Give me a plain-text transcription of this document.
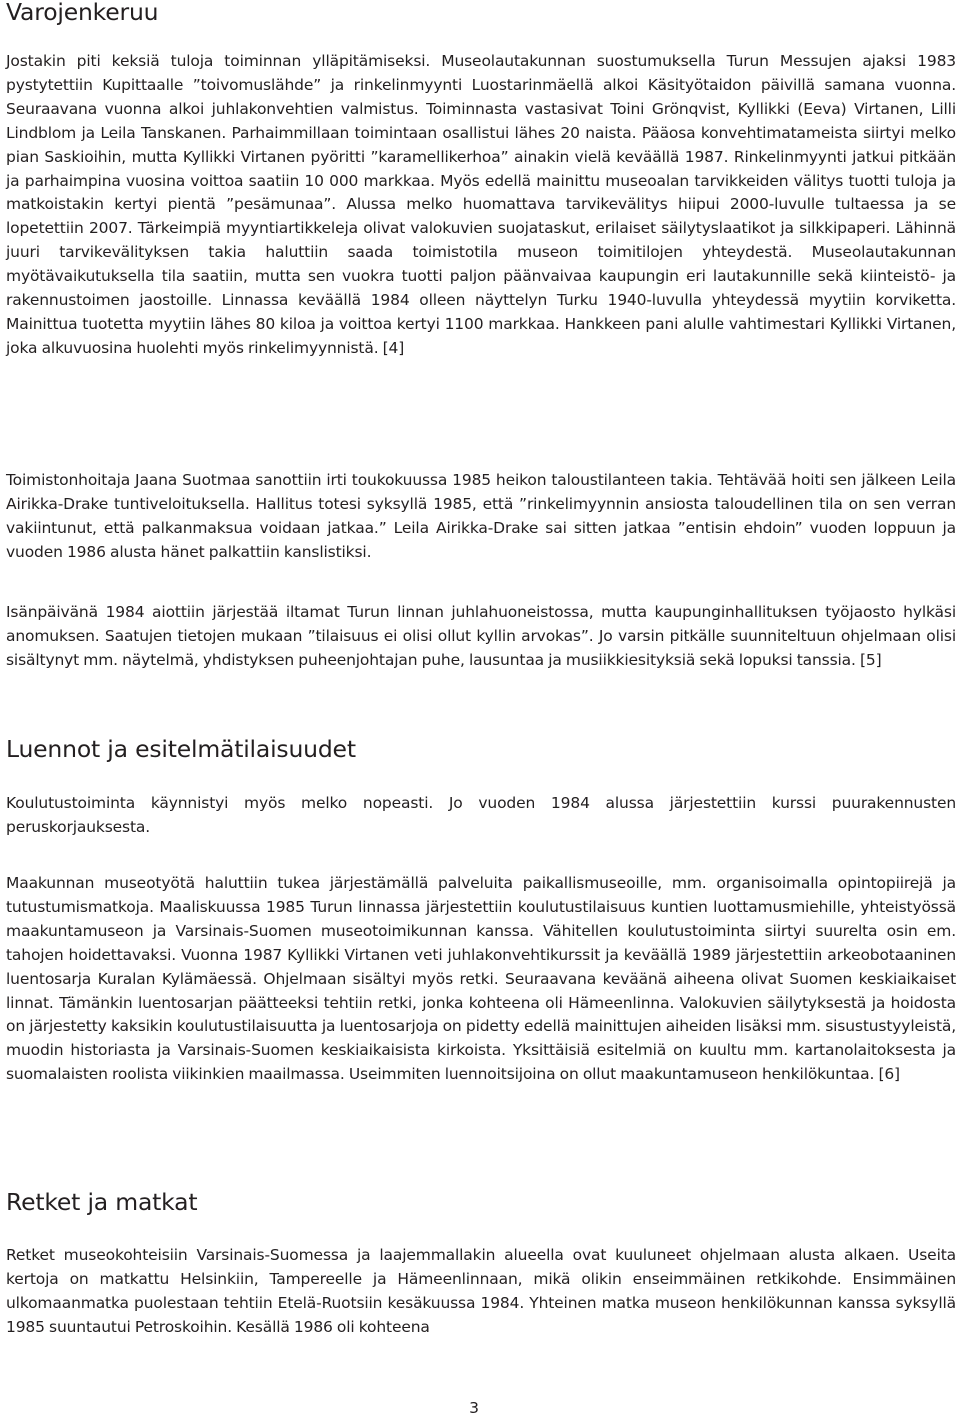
Varojenkeruu

Jostakin piti keksiä tuloja toiminnan ylläpitämiseksi. Museolautakunnan suostumuksella Turun Messujen ajaksi 1983 pystytettiin Kupittaalle ”toivomuslähde” ja rinkelinmyynti Luostarinmäellä alkoi Käsityötaidon päivillä samana vuonna. Seuraavana vuonna alkoi juhlakonvehtien valmistus. Toiminnasta vastasivat Toini Grönqvist, Kyllikki (Eeva) Virtanen, Lilli Lindblom ja Leila Tanskanen. Parhaimmillaan toimintaan osallistui lähes 20 naista. Pääosa konvehtimatameista siirtyi melko pian Saskioihin, mutta Kyllikki Virtanen pyöritti ”karamellikerhoa” ainakin vielä keväällä 1987. Rinkelinmyynti jatkui pitkään ja parhaimpina vuosina voittoa saatiin 10 000 markkaa. Myös edellä mainittu museoalan tarvikkeiden välitys tuotti tuloja ja matkoistakin kertyi pientä ”pesämunaa”. Alussa melko huomattava tarvikevälitys hiipui 2000-luvulle tultaessa ja se lopetettiin 2007. Tärkeimpiä myyntiartikkeleja olivat valokuvien suojataskut, erilaiset säilytyslaatikot ja silkkipaperi. Lähinnä juuri tarvikevälityksen takia haluttiin saada toimistotila museon toimitilojen yhteydestä. Museolautakunnan myötävaikutuksella tila saatiin, mutta sen vuokra tuotti paljon päänvaivaa kaupungin eri lautakunnille sekä kiinteistö- ja rakennustoimen jaostoille. Linnassa keväällä 1984 olleen näyttelyn Turku 1940-luvulla yhteydessä myytiin korviketta. Mainittua tuotetta myytiin lähes 80 kiloa ja voittoa kertyi 1100 markkaa. Hankkeen pani alulle vahtimestari Kyllikki Virtanen, joka alkuvuosina huolehti myös rinkelimyynnistä. [4]

Toimistonhoitaja Jaana Suotmaa sanottiin irti toukokuussa 1985 heikon taloustilanteen takia. Tehtävää hoiti sen jälkeen Leila Airikka-Drake tuntiveloituksella. Hallitus totesi syksyllä 1985, että ”rinkelimyynnin ansiosta taloudellinen tila on sen verran vakiintunut, että palkanmaksua voidaan jatkaa.” Leila Airikka-Drake sai sitten jatkaa ”entisin ehdoin” vuoden loppuun ja vuoden 1986 alusta hänet palkattiin kanslistiksi.

Isänpäivänä 1984 aiottiin järjestää iltamat Turun linnan juhlahuoneistossa, mutta kaupunginhallituksen työjaosto hylkäsi anomuksen. Saatujen tietojen mukaan ”tilaisuus ei olisi ollut kyllin arvokas”. Jo varsin pitkälle suunniteltuun ohjelmaan olisi sisältynyt mm. näytelmä, yhdistyksen puheenjohtajan puhe, lausuntaa ja musiikkiesityksiä sekä lopuksi tanssia. [5]

Luennot ja esitelmätilaisuudet

Koulutustoiminta käynnistyi myös melko nopeasti. Jo vuoden 1984 alussa järjestettiin kurssi puurakennusten peruskorjauksesta.

Maakunnan museotyötä haluttiin tukea järjestämällä palveluita paikallismuseoille, mm. organisoimalla opintopiirejä ja tutustumismatkoja. Maaliskuussa 1985 Turun linnassa järjestettiin koulutustilaisuus kuntien luottamusmiehille, yhteistyössä maakuntamuseon ja Varsinais-Suomen museotoimikunnan kanssa. Vähitellen koulutustoiminta siirtyi suurelta osin em. tahojen hoidettavaksi. Vuonna 1987 Kyllikki Virtanen veti juhlakonvehtikurssit ja keväällä 1989 järjestettiin arkeobotaaninen luentosarja Kuralan Kylämäessä. Ohjelmaan sisältyi myös retki. Seuraavana keväänä aiheena olivat Suomen keskiaikaiset linnat. Tämänkin luentosarjan päätteeksi tehtiin retki, jonka kohteena oli Hämeenlinna. Valokuvien säilytyksestä ja hoidosta on järjestetty kaksikin koulutustilaisuutta ja luentosarjoja on pidetty edellä mainittujen aiheiden lisäksi mm. sisustustyyleistä, muodin historiasta ja Varsinais-Suomen keskiaikaisista kirkoista. Yksittäisiä esitelmiä on kuultu mm. kartanolaitoksesta ja suomalaisten roolista viikinkien maailmassa. Useimmiten luennoitsijoina on ollut maakuntamuseon henkilökuntaa. [6]

Retket ja matkat

Retket museokohteisiin Varsinais-Suomessa ja laajemmallakin alueella ovat kuuluneet ohjelmaan alusta alkaen. Useita kertoja on matkattu Helsinkiin, Tampereelle ja Hämeenlinnaan, mikä olikin enseimmäinen retkikohde. Ensimmäinen ulkomaanmatka puolestaan tehtiin Etelä-Ruotsiin kesäkuussa 1984. Yhteinen matka museon henkilökunnan kanssa syksyllä 1985 suuntautui Petroskoihin. Kesällä 1986 oli kohteena

3
